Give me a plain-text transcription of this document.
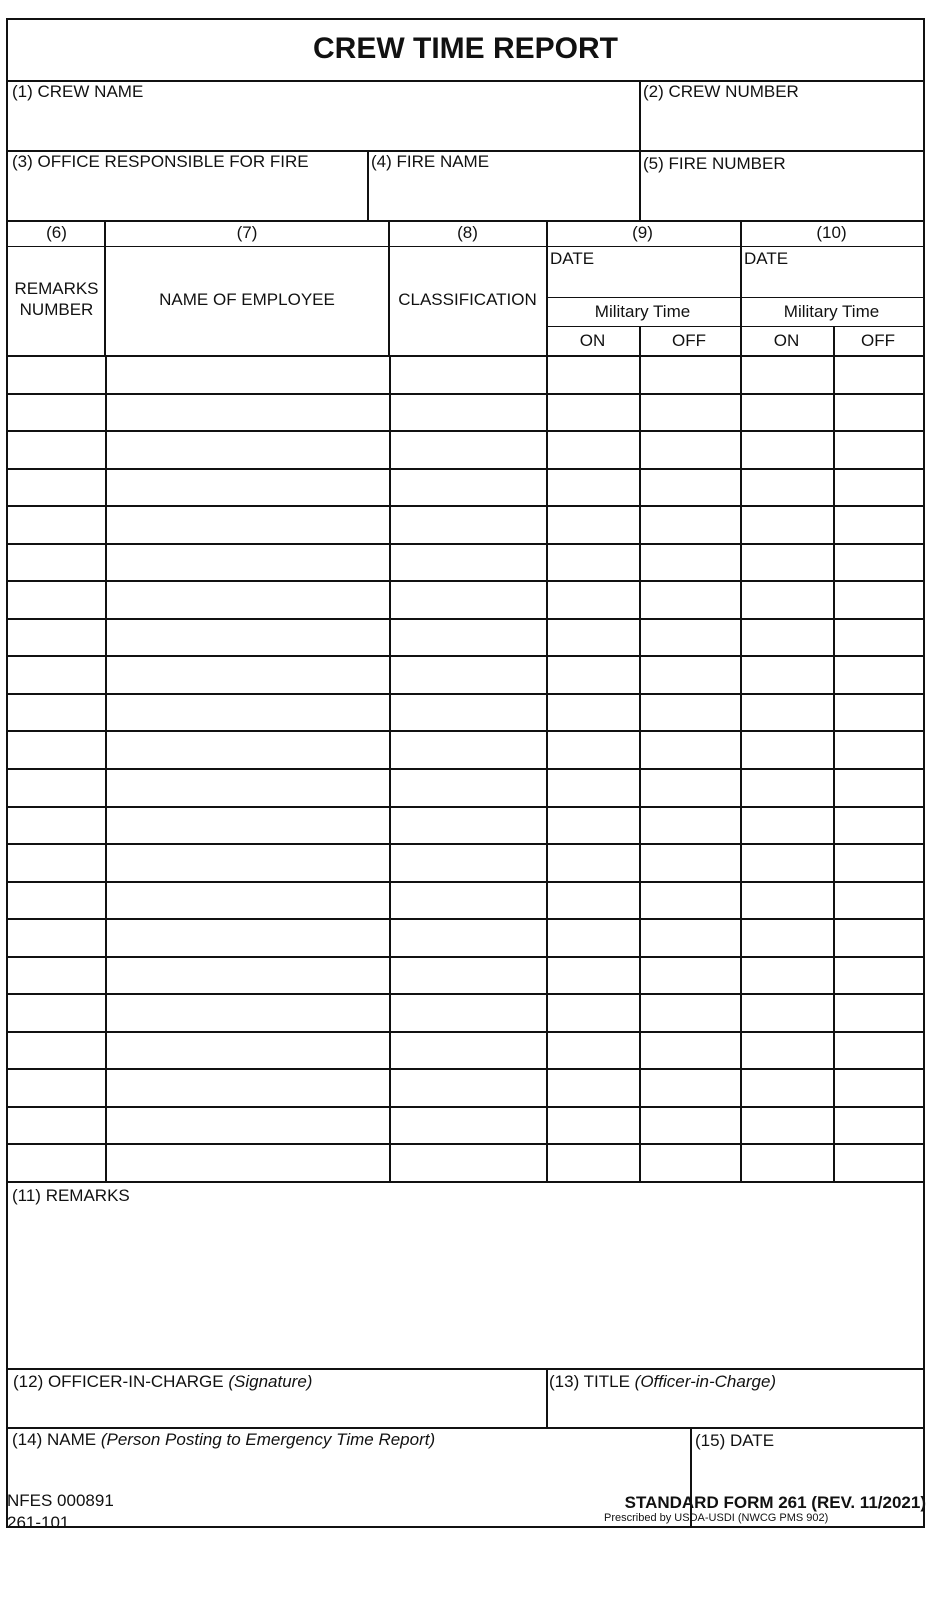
CREW TIME REPORT
(1) CREW NAME	(2) CREW NUMBER
(3) OFFICE RESPONSIBLE FOR FIRE	(4) FIRE NAME	(5) FIRE NUMBER
(6)	(7)	(8)	(9)	(10)
REMARKS
NUMBER
NAME OF EMPLOYEE	CLASSIFICATION
DATE	DATE
Military Time	Military Time
ON	OFF	ON	OFF
(11) REMARKS
(12) OFFICER-IN-CHARGE (Signature)	(13) TITLE (Officer-in-Charge)
(14) NAME (Person Posting to Emergency Time Report)	(15) DATE
NFES 000891
261-101
STANDARD FORM 261 (REV. 11/2021)
Prescribed by USDA-USDI (NWCG PMS 902)
